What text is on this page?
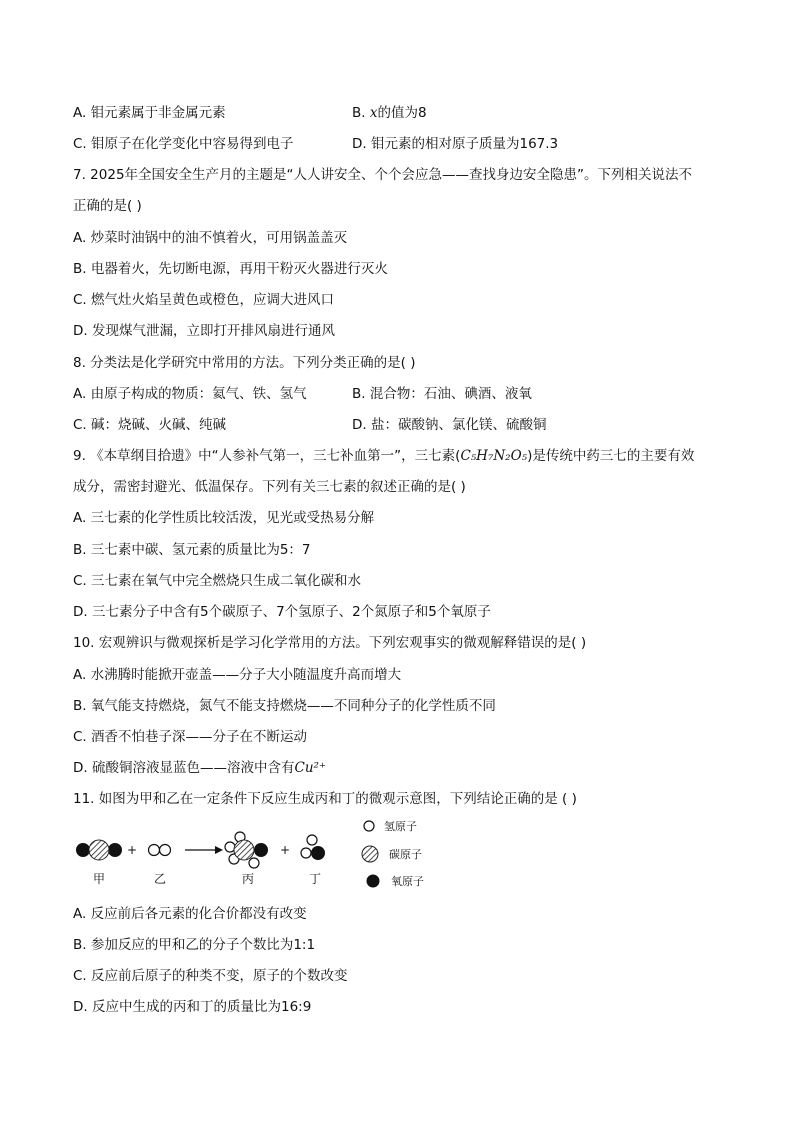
A. 钼元素属于非金属元素	B. x的值为8
C. 钼原子在化学变化中容易得到电子	D. 钼元素的相对原子质量为167.3
7. 2025年全国安全生产月的主题是“人人讲安全、个个会应急——查找身边安全隐患”。下列相关说法不
正确的是( )
A. 炒菜时油锅中的油不慎着火，可用锅盖盖灭
B. 电器着火，先切断电源，再用干粉灭火器进行灭火
C. 燃气灶火焰呈黄色或橙色，应调大进风口
D. 发现煤气泄漏，立即打开排风扇进行通风
8. 分类法是化学研究中常用的方法。下列分类正确的是( )
A. 由原子构成的物质：氦气、铁、氢气	B. 混合物：石油、碘酒、液氧
C. 碱：烧碱、火碱、纯碱	D. 盐：碳酸钠、氯化镁、硫酸铜
9. 《本草纲目拾遗》中“人参补气第一，三七补血第一”，三七素(C₅H₇N₂O₅)是传统中药三七的主要有效
成分，需密封避光、低温保存。下列有关三七素的叙述正确的是( )
A. 三七素的化学性质比较活泼，见光或受热易分解
B. 三七素中碳、氢元素的质量比为5：7
C. 三七素在氧气中完全燃烧只生成二氧化碳和水
D. 三七素分子中含有5个碳原子、7个氢原子、2个氮原子和5个氧原子
10. 宏观辨识与微观探析是学习化学常用的方法。下列宏观事实的微观解释错误的是( )
A. 水沸腾时能掀开壶盖——分子大小随温度升高而增大
B. 氧气能支持燃烧，氮气不能支持燃烧——不同种分子的化学性质不同
C. 酒香不怕巷子深——分子在不断运动
D. 硫酸铜溶液显蓝色——溶液中含有Cu²⁺
11. 如图为甲和乙在一定条件下反应生成丙和丁的微观示意图，下列结论正确的是 ( )
+	+
甲	乙	丙	丁
氢原子
碳原子
氧原子
A. 反应前后各元素的化合价都没有改变
B. 参加反应的甲和乙的分子个数比为1:1
C. 反应前后原子的种类不变，原子的个数改变
D. 反应中生成的丙和丁的质量比为16:9
